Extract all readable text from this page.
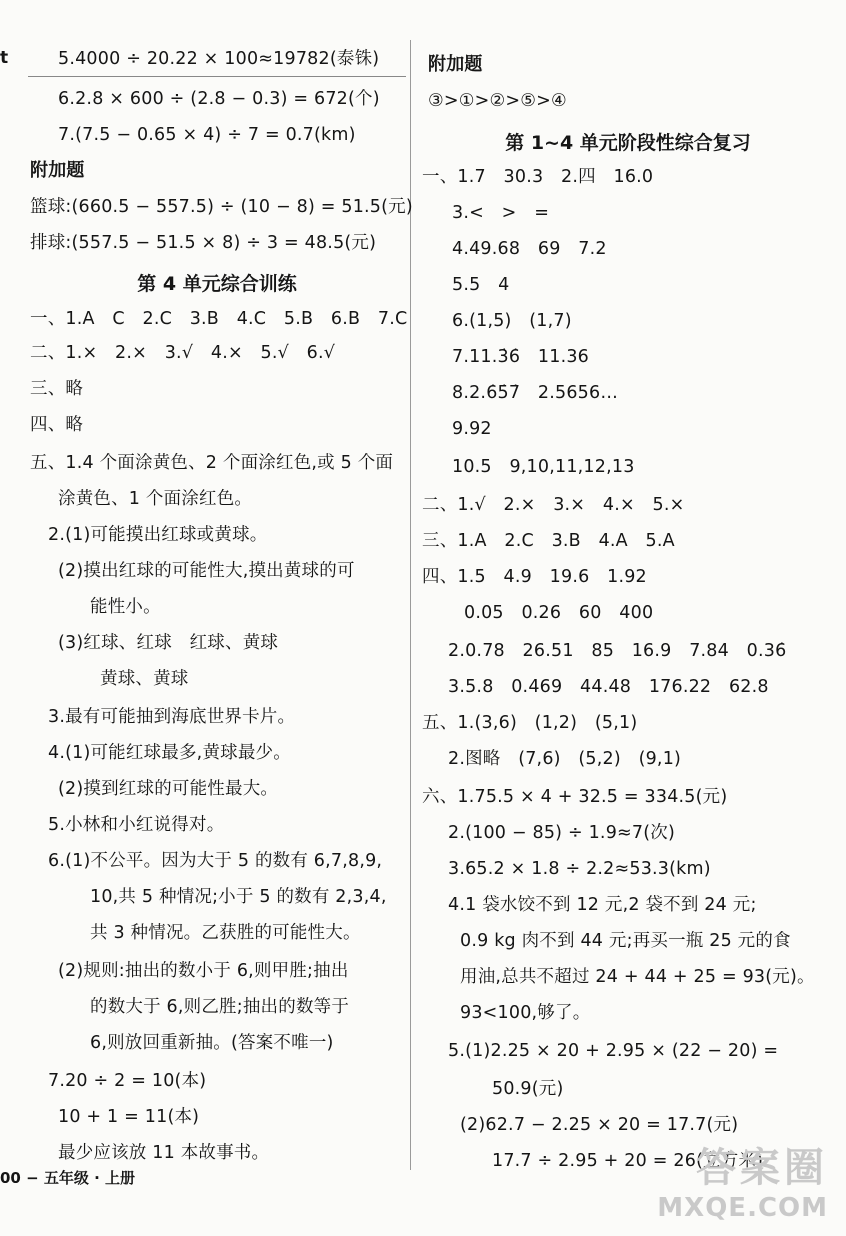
t	5.4000 ÷ 20.22 × 100≈19782(泰铢)
6.2.8 × 600 ÷ (2.8 − 0.3) = 672(个)
7.(7.5 − 0.65 × 4) ÷ 7 = 0.7(km)
附加题
篮球:(660.5 − 557.5) ÷ (10 − 8) = 51.5(元)
排球:(557.5 − 51.5 × 8) ÷ 3 = 48.5(元)
第 4 单元综合训练
一、1.A　C　2.C　3.B　4.C　5.B　6.B　7.C
二、1.×　2.×　3.√　4.×　5.√　6.√
三、略
四、略
五、1.4 个面涂黄色、2 个面涂红色,或 5 个面
涂黄色、1 个面涂红色。
2.(1)可能摸出红球或黄球。
(2)摸出红球的可能性大,摸出黄球的可
能性小。
(3)红球、红球　红球、黄球
黄球、黄球
3.最有可能抽到海底世界卡片。
4.(1)可能红球最多,黄球最少。
(2)摸到红球的可能性最大。
5.小林和小红说得对。
6.(1)不公平。因为大于 5 的数有 6,7,8,9,
10,共 5 种情况;小于 5 的数有 2,3,4,
共 3 种情况。乙获胜的可能性大。
(2)规则:抽出的数小于 6,则甲胜;抽出
的数大于 6,则乙胜;抽出的数等于
6,则放回重新抽。(答案不唯一)
7.20 ÷ 2 = 10(本)
10 + 1 = 11(本)
最少应该放 11 本故事书。
附加题
③>①>②>⑤>④
第 1~4 单元阶段性综合复习
一、1.7　30.3　2.四　16.0
3.<　>　=
4.49.68　69　7.2
5.5　4
6.(1,5)　(1,7)
7.11.3̇6̇　11.36
8.2.6̇5̇7̇　2.5656…
9.92
10.5　9,10,11,12,13
二、1.√　2.×　3.×　4.×　5.×
三、1.A　2.C　3.B　4.A　5.A
四、1.5　4.9　19.6　1.92
0.05　0.26　60　400
2.0.78　26.51　85　16.9　7.84　0.36̇
3.5.8　0.469　44.48　176.22　62.8
五、1.(3,6)　(1,2)　(5,1)
2.图略　(7,6)　(5,2)　(9,1)
六、1.75.5 × 4 + 32.5 = 334.5(元)
2.(100 − 85) ÷ 1.9≈7(次)
3.65.2 × 1.8 ÷ 2.2≈53.3(km)
4.1 袋水饺不到 12 元,2 袋不到 24 元;
0.9 kg 肉不到 44 元;再买一瓶 25 元的食
用油,总共不超过 24 + 44 + 25 = 93(元)。
93<100,够了。
5.(1)2.25 × 20 + 2.95 × (22 − 20) =
50.9(元)
(2)62.7 − 2.25 × 20 = 17.7(元)
17.7 ÷ 2.95 + 20 = 26(立方米)
00 − 五年级 · 上册	答案圈
MXQE.COM
